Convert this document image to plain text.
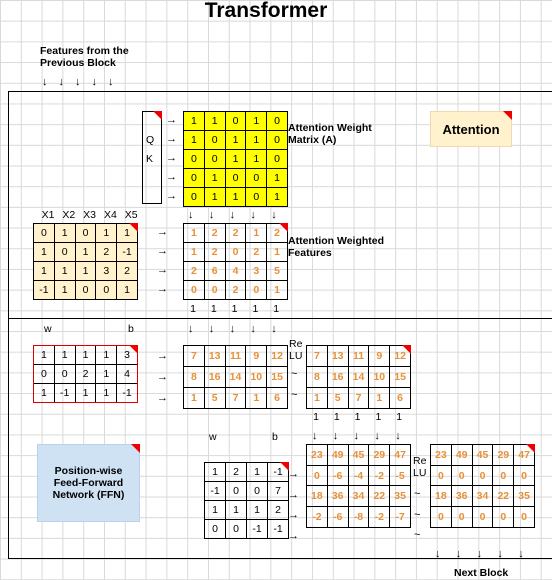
Transformer
Features from the
Previous Block
↓↓↓↓↓
Attention
Position-wise
Feed-Forward
Network (FFN)
Attention Weight
Matrix (A)
Attention Weighted
Features
Next Block
Q
K
→
→
→
→
→
1	1	0	1	0
1	0	1	1	0
0	0	1	1	0
0	1	0	0	1
0	1	1	0	1
X1 X2 X3 X4 X5
0	1	0	1	1
1	0	1	2	-1
1	1	1	3	2
-1	1	0	0	1
→
→
→
→
↓ ↓ ↓ ↓ ↓
1	2	2	1	2
1	2	0	2	1
2	6	4	3	5
0	0	2	0	1
1	1	1	1	1
w	b
1	1	1	1	3
0	0	2	1	4
1	-1	1	1	-1
→
→
→
↓ ↓ ↓ ↓ ↓
7	13 11	9	12
8	16 14 10 15
1	5	7	1	6
Re
LU
~
~
7	13 11	9	12
8	16 14 10 15
1	5	7	1	6
1	1	1	1	1
w	b
1	2	1	-1
-1	0	0	7
1	1	1	2
0	0	-1	-1
→
→
→
→
↓ ↓ ↓ ↓ ↓
23 49 45 29 47
0	-6	-4	-2	-5
18 36 34 22 35
-2	-6	-8	-2	-7
Re
LU
~
~
~
23 49 45 29 47
0	0	0	0	0
18 36 34 22 35
0	0	0	0	0
↓ ↓ ↓ ↓ ↓
